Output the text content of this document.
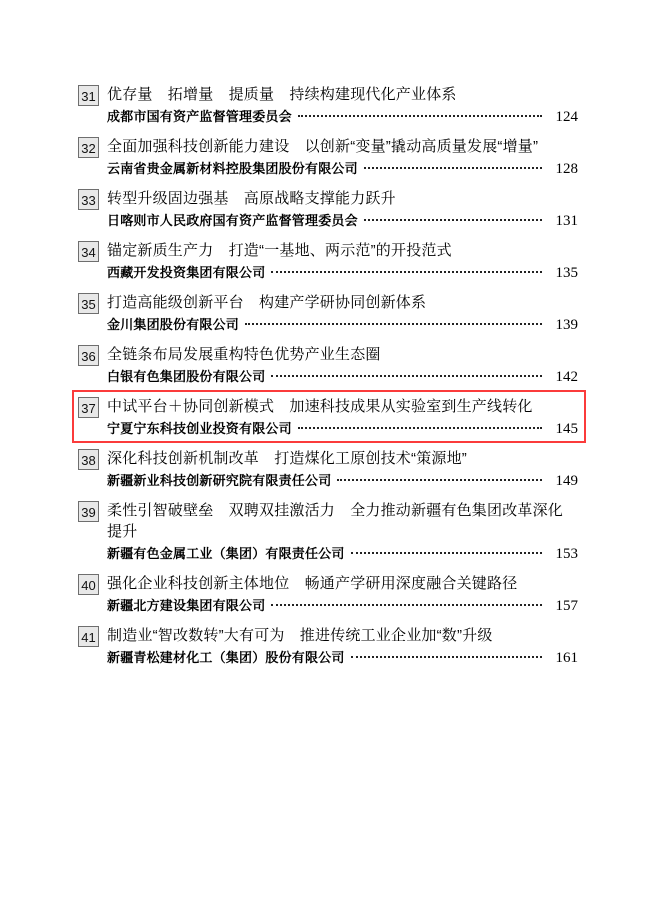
31 优存量　拓增量　提质量　持续构建现代化产业体系
成都市国有资产监督管理委员会	124
32 全面加强科技创新能力建设　以创新“变量”撬动高质量发展“增量”
云南省贵金属新材料控股集团股份有限公司	128
33 转型升级固边强基　高原战略支撑能力跃升
日喀则市人民政府国有资产监督管理委员会	131
34 锚定新质生产力　打造“一基地、两示范”的开投范式
西藏开发投资集团有限公司	135
35 打造高能级创新平台　构建产学研协同创新体系
金川集团股份有限公司	139
36 全链条布局发展重构特色优势产业生态圈
白银有色集团股份有限公司	142
37 中试平台＋协同创新模式　加速科技成果从实验室到生产线转化
宁夏宁东科技创业投资有限公司	145
38 深化科技创新机制改革　打造煤化工原创技术“策源地”
新疆新业科技创新研究院有限责任公司	149
39 柔性引智破壁垒　双聘双挂激活力　全力推动新疆有色集团改革深化提升
新疆有色金属工业（集团）有限责任公司	153
40 强化企业科技创新主体地位　畅通产学研用深度融合关键路径
新疆北方建设集团有限公司	157
41 制造业“智改数转”大有可为　推进传统工业企业加“数”升级
新疆青松建材化工（集团）股份有限公司	161
